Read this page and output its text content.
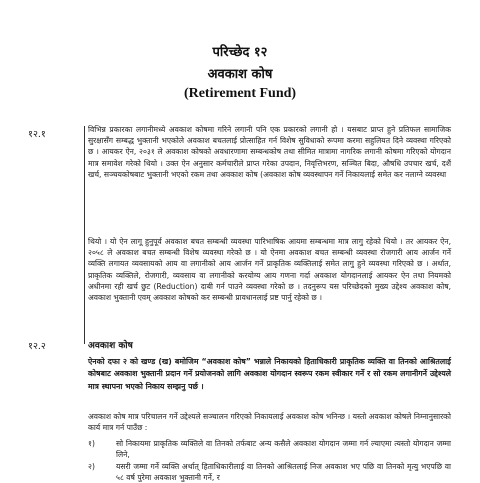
परिच्छेद १२
अवकाश कोष
(Retirement Fund)
१२.१	विभिन्न प्रकारका लगानीमध्ये अवकाश कोषमा गरिने लगानी पनि एक प्रकारको लगानी हो । यसबाट प्राप्त हुने प्रतिफल सामाजिक सुरक्षासँग सम्बद्ध भुक्तानी भएकोले अवकाश बचतलाई प्रोत्साहित गर्न विशेष सुविधाको रूपमा करमा सहुलियत दिने व्यवस्था गरिएको छ । आयकर ऐन, २०३१ ले अवकाश कोषको अवधारणामा सम्बन्धकोष तथा सीमित मात्रामा नागरिक लगानी कोषमा गरिएको योगदान मात्र समावेश गरेको थियो । उक्त ऐन अनुसार कर्मचारीले प्राप्त गरेका उपदान, निवृत्तिभरण, सञ्चित बिदा, औषधि उपचार खर्च, दशैं खर्च, सञ्चयकोषबाट भुक्तानी भएको रकम तथा अवकाश कोष (अवकाश कोष व्यवस्थापन गर्ने निकायलाई समेत कर नलाग्ने व्यवस्था
थियो । यो ऐन लागू हुनुपूर्व अवकाश बचत सम्बन्धी व्यवस्था पारिभाषिक आयमा सम्बन्धमा मात्र लागु रहेको थियो । तर आयकर ऐन, २०५८ ले अवकाश बचत सम्बन्धी विशेष व्यवस्था गरेको छ । यो ऐनमा अवकाश बचत सम्बन्धी व्यवस्था रोजगारी आय आर्जन गर्ने व्यक्ति लगायत व्यवसायको आय वा लगानीको आय आर्जन गर्ने प्राकृतिक व्यक्तिलाई समेत लागु हुने व्यवस्था गरिएको छ । अर्थात, प्राकृतिक व्यक्तिले, रोजगारी, व्यवसाय वा लगानीको करयोग्य आय गणना गर्दा अवकाश योगदानलाई आयकर ऐन तथा नियमको अधीनमा रही खर्च छुट (Reduction) दाबी गर्न पाउने व्यवस्था गरेको छ । तदनुरूप यस परिच्छेदको मुख्य उद्देश्य अवकाश कोष, अवकाश भुक्तानी एवम् अवकाश कोषको कर सम्बन्धी प्रावधानलाई प्रष्ट पार्नु रहेको छ ।
१२.२	अवकाश कोष
ऐनको दफा २ को खण्ड (ख) बमोजिम “अवकाश कोष” भन्नाले निकायको हिताधिकारी प्राकृतिक व्यक्ति वा तिनको आश्रितलाई कोषबाट अवकाश भुक्तानी प्रदान गर्ने प्रयोजनको लागि अवकाश योगदान स्वरूप रकम स्वीकार गर्ने र सो रकम लगानीगर्ने उद्देश्यले मात्र स्थापना भएको निकाय सम्झनु पर्छ ।
अवकाश कोष मात्र परिचालन गर्ने उद्देश्यले सञ्चालन गरिएको निकायलाई अवकाश कोष भनिन्छ । यस्तो अवकाश कोषले निम्नानुसारको कार्य मात्र गर्न पाउँछ :
१)	सो निकायमा प्राकृतिक व्यक्तिले वा तिनको तर्फबाट अन्य कसैले अवकाश योगदान जम्मा गर्न ल्याएमा त्यस्तो योगदान जम्मा लिने,
२)	यसरी जम्मा गर्ने व्यक्ति अर्थात् हिताधिकारीलाई वा तिनको आश्रितलाई निज अवकाश भए पछि वा तिनको मृत्यु भएपछि वा ५८ वर्ष पुरेमा अवकाश भुक्तानी गर्ने, र
